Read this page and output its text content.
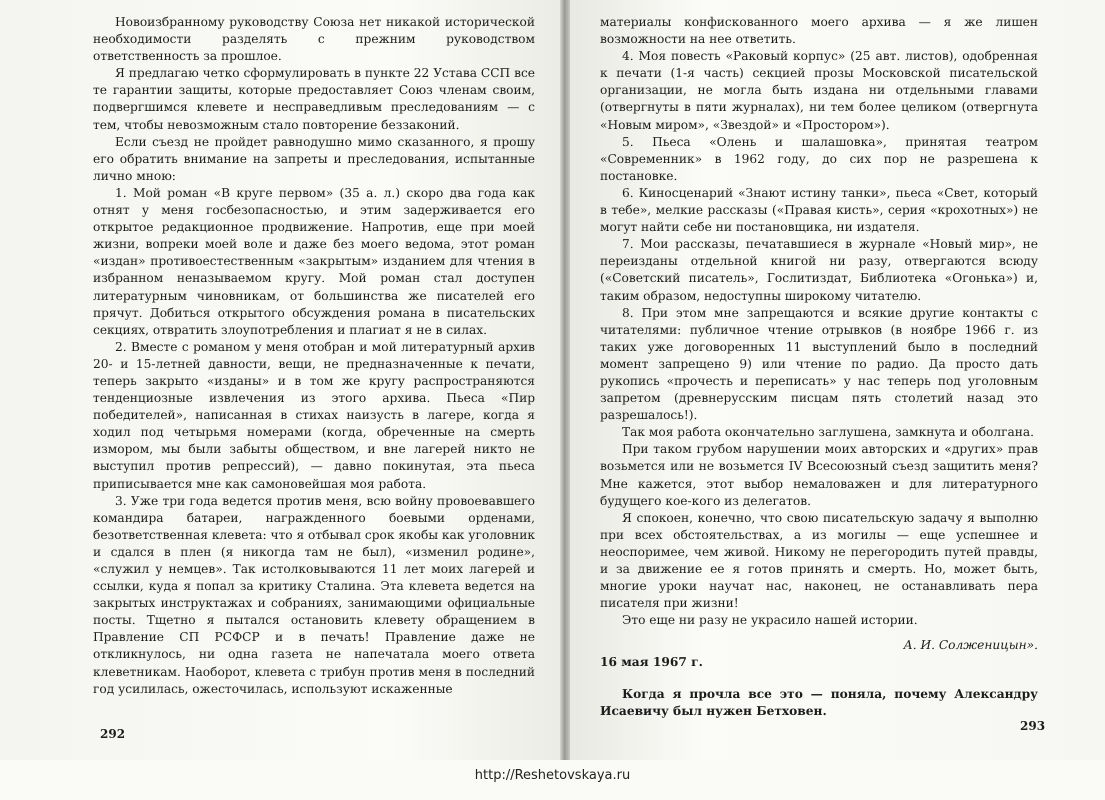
Новоизбранному руководству Союза нет никакой исторической необходимости разделять с прежним руководством ответственность за прошлое.

Я предлагаю четко сформулировать в пункте 22 Устава ССП все те гарантии защиты, которые предоставляет Союз членам своим, подвергшимся клевете и несправедливым преследованиям — с тем, чтобы невозможным стало повторение беззаконий.

Если съезд не пройдет равнодушно мимо сказанного, я прошу его обратить внимание на запреты и преследования, испытанные лично мною:

1. Мой роман «В круге первом» (35 а. л.) скоро два года как отнят у меня госбезопасностью, и этим задерживается его открытое редакционное продвижение. Напротив, еще при моей жизни, вопреки моей воле и даже без моего ведома, этот роман «издан» противоестественным «закрытым» изданием для чтения в избранном неназываемом кругу. Мой роман стал доступен литературным чиновникам, от большинства же писателей его прячут. Добиться открытого обсуждения романа в писательских секциях, отвратить злоупотребления и плагиат я не в силах.

2. Вместе с романом у меня отобран и мой литературный архив 20- и 15-летней давности, вещи, не предназначенные к печати, теперь закрыто «изданы» и в том же кругу распространяются тенденциозные извлечения из этого архива. Пьеса «Пир победителей», написанная в стихах наизусть в лагере, когда я ходил под четырьмя номерами (когда, обреченные на смерть измором, мы были забыты обществом, и вне лагерей никто не выступил против репрессий), — давно покинутая, эта пьеса приписывается мне как самоновейшая моя работа.

3. Уже три года ведется против меня, всю войну провоевавшего командира батареи, награжденного боевыми орденами, безответственная клевета: что я отбывал срок якобы как уголовник и сдался в плен (я никогда там не был), «изменил родине», «служил у немцев». Так истолковываются 11 лет моих лагерей и ссылки, куда я попал за критику Сталина. Эта клевета ведется на закрытых инструктажах и собраниях, занимающими официальные посты. Тщетно я пытался остановить клевету обращением в Правление СП РСФСР и в печать! Правление даже не откликнулось, ни одна газета не напечатала моего ответа клеветникам. Наоборот, клевета с трибун против меня в последний год усилилась, ожесточилась, используют искаженные

292

материалы конфискованного моего архива — я же лишен возможности на нее ответить.

4. Моя повесть «Раковый корпус» (25 авт. листов), одобренная к печати (1-я часть) секцией прозы Московской писательской организации, не могла быть издана ни отдельными главами (отвергнуты в пяти журналах), ни тем более целиком (отвергнута «Новым миром», «Звездой» и «Простором»).

5. Пьеса «Олень и шалашовка», принятая театром «Современник» в 1962 году, до сих пор не разрешена к постановке.

6. Киносценарий «Знают истину танки», пьеса «Свет, который в тебе», мелкие рассказы («Правая кисть», серия «крохотных») не могут найти себе ни постановщика, ни издателя.

7. Мои рассказы, печатавшиеся в журнале «Новый мир», не переизданы отдельной книгой ни разу, отвергаются всюду («Советский писатель», Гослитиздат, Библиотека «Огонька») и, таким образом, недоступны широкому читателю.

8. При этом мне запрещаются и всякие другие контакты с читателями: публичное чтение отрывков (в ноябре 1966 г. из таких уже договоренных 11 выступлений было в последний момент запрещено 9) или чтение по радио. Да просто дать рукопись «прочесть и переписать» у нас теперь под уголовным запретом (древнерусским писцам пять столетий назад это разрешалось!).

Так моя работа окончательно заглушена, замкнута и оболгана.

При таком грубом нарушении моих авторских и «других» прав возьмется или не возьмется IV Всесоюзный съезд защитить меня? Мне кажется, этот выбор немаловажен и для литературного будущего кое-кого из делегатов.

Я спокоен, конечно, что свою писательскую задачу я выполню при всех обстоятельствах, а из могилы — еще успешнее и неоспоримее, чем живой. Никому не перегородить путей правды, и за движение ее я готов принять и смерть. Но, может быть, многие уроки научат нас, наконец, не останавливать пера писателя при жизни!

Это еще ни разу не украсило нашей истории.

А. И. Солженицын».

16 мая 1967 г.

Когда я прочла все это — поняла, почему Александру Исаевичу был нужен Бетховен.

293
http://Reshetovskaya.ru
